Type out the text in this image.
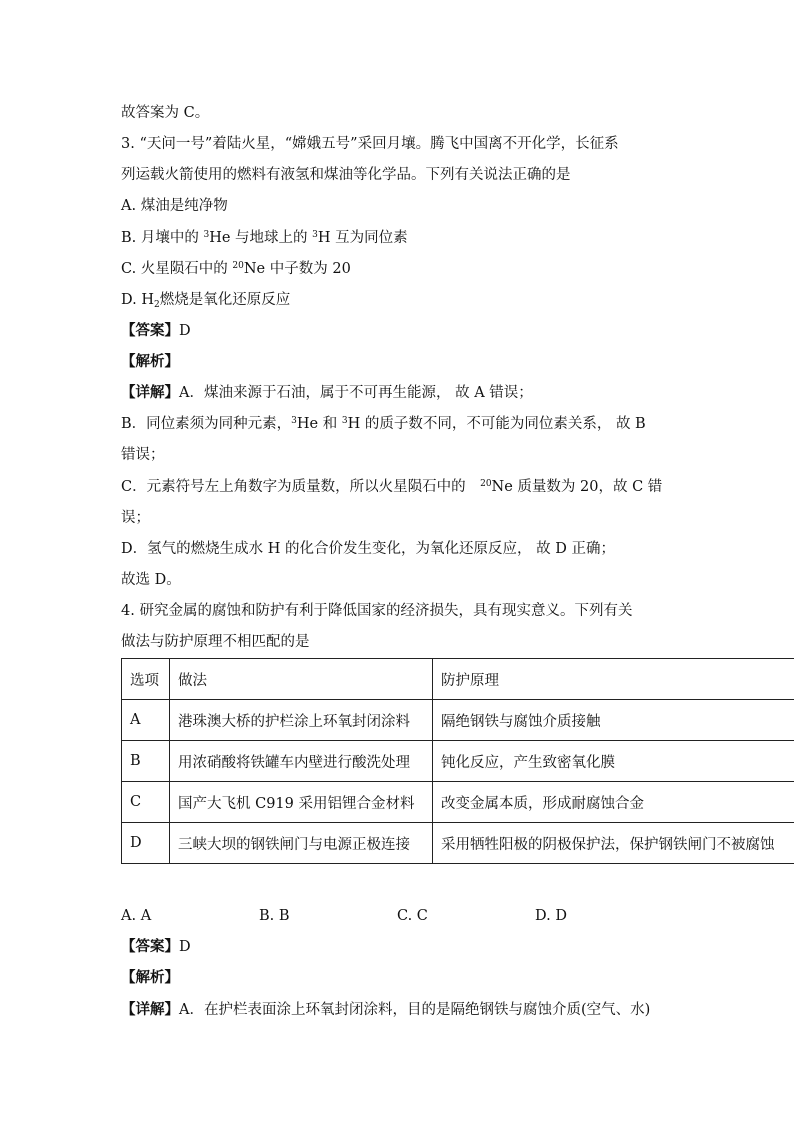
故答案为 C。
3. “天问一号”着陆火星，“嫦娥五号”采回月壤。腾飞中国离不开化学，长征系
列运载火箭使用的燃料有液氢和煤油等化学品。下列有关说法正确的是
A. 煤油是纯净物
B. 月壤中的 $^3$He 与地球上的 $^3$H 互为同位素
C. 火星陨石中的 $^{20}$Ne 中子数为 20
D. $H_2$燃烧是氧化还原反应
【答案】D
【解析】
【详解】A．煤油来源于石油，属于不可再生能源， 故 A 错误；
B．同位素须为同种元素，$^3$He 和 $^3$H 的质子数不同，不可能为同位素关系， 故 B
错误；
C．元素符号左上角数字为质量数，所以火星陨石中的　$^{20}$Ne 质量数为 20，故 C 错
误；
D．氢气的燃烧生成水 H 的化合价发生变化，为氧化还原反应， 故 D 正确；
故选 D。
4. 研究金属的腐蚀和防护有利于降低国家的经济损失，具有现实意义。下列有关
做法与防护原理不相匹配的是
选项	做法	防护原理
A	港珠澳大桥的护栏涂上环氧封闭涂料	隔绝钢铁与腐蚀介质接触
B	用浓硝酸将铁罐车内壁进行酸洗处理	钝化反应，产生致密氧化膜
C	国产大飞机 C919 采用铝锂合金材料	改变金属本质，形成耐腐蚀合金
D	三峡大坝的钢铁闸门与电源正极连接	采用牺牲阳极的阴极保护法，保护钢铁闸门不被腐蚀
A. A	B. B	C. C	D. D
【答案】D
【解析】
【详解】A．在护栏表面涂上环氧封闭涂料，目的是隔绝钢铁与腐蚀介质(空气、水)
